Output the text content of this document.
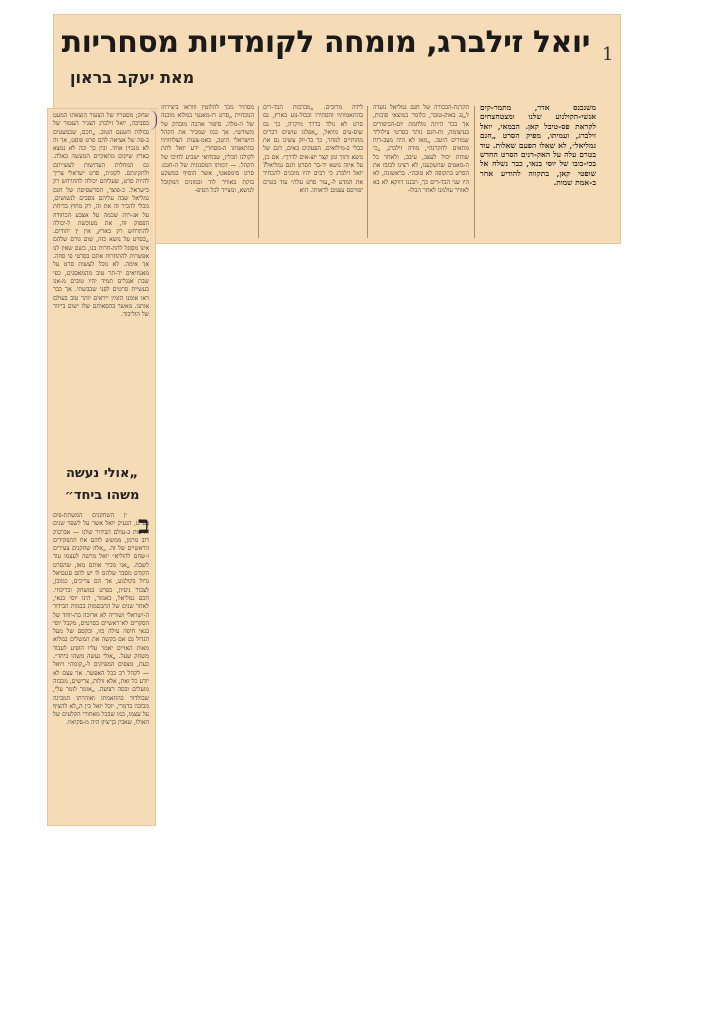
יואל זילברג, מומחה לקומדיות מסחריות
מאת יעקב בראון
1
משנכנס אדר, מתמר-קים אנשי-הקולנוע שלנו ומצטחצחים לקראת פס-טיבל קאן. הבמאי, יואל זילברג, ועמיתו, מפיק הסרט „חגם גמליאל״, לא שאלו הפעם שאלות. עוד בטרם עלה על האק-רנים הסרט החדש בכי-כובו של יוסי בנאי, כבר נשלח אל שופטי קאן, בתקווה להודיע אחר ב-אמת שמות.
הקרנת-הבכורה של חגם גמליאל נועדה ל„גג באוק-טובר, כלומר במוצאי סוכות, אך בכר היתה מלחמת יום-הכיפורים בעיצומה, ות-חגם נותר בסרטי צילוליד שמורים היטב. „מאז לא היה מצב-רוח מתאים להקרנה״, מודה זילברג, „כי שוחת יכול לעצב, עיבב, ולאחר כל ה-מאפים שהשקענו, לא רצינו לבזבז את הסרט בתקופה לא טובה״. בראשונה, לא היו שני הבד-רים כך, תכננו דווקא לא בא לאוויר עולמנו לאחר הבלו-
לידה מרובים. „מבדבות הבד-רים בהתאמותיו והסתירו ובכול-נוע בארץ, גם סרט לא נולד בדרך מיקרה, כך גם שוס-עים מיואל, „אפלנו עושים דברים מהותיים למהר, כך בד-יוק עשינו גם את בבלי ב-מילואים. הפעקים באים, דגם של נושא ותוך זמן קצר יוצ-אים לדרך״. אם כן, על איזה נושא יד-בר הסרט חגם גמליאל? יואל זילברג כי רבים יהיו מוכנים להכחיד את המדע ל-„עור סרט עלה״ עוד בטרם יפורסם עצמם לראותו. הוא
מסתיר מכך להלוטין וזוראו ביצירתו הנוכחית „סרט רו-מאנטי במלוא מובנה של ה-מלה. סיפור אהבה מובהק של משודש״. אך כמו שמכיר את הקהל הישראלי היטב, באמ-צעות הצלחותיו בהתאמתו ה-מסחרי, ידע יואל לתת לקולנו תבלין, שבודואי ישביע לחיכו של הקהל. — דמותו המסנוגית של ה-חגם: סרט סימפאטי, אשר הוסיף במשקע בזקת באוויר לוד ובמזנים המקובל לנושא, ומצייד לכל הסיפ-
שחק; מסטריו של הצעור הוצאתו המעט בסביבה, יואל זילברג הצגיר העטור של גבולות השעם הטוב. „חכם, שכמעטים ב-פה של אציאה להם סרט פוסט, אך זה לא מנכוין אותי. ובין כך וכה לא נמצא בארץ שיקום מתאקיים המעשה באלה. גם המחלות העדושות לעשייתם ולתקינתם. לקוגית, סרט ישראלי צריך להיות סרט, שעליהם יכולה להתרחש רק בישראל. כ-פוצר, הסרשפיסה של חגם גמליאל שבה עליהם נוסבים לנשושים, מכלי להכיר זה את זה, רק מחוץ בדיחת על אג-רות שכמה על אצבע הכחודה הפסוק זה, את מעוכשת ל-יכולה להתרחש רק בארץ, אין ין יהודים. „בסרט על נושא כזה, שום גורם שלהם אינו מסוגל להת-חרות בנו, כשם שאין לנו אפשרות להתחרות אתם בסרטי פי סחה. אך אימה. לא נוכל לעשות סרט על מאגוזיאים יד-תר טוב מהמאסגים, כפי שבת אנגלים תמיד יהיו טובים מ-אנו בעשיית סרטים לפני שכבשתי. אך כבר ראו אומנו הזמין ייראים יותר טוב בעולם אותנו. מאשר בהסאותם שלו ישום בייזור של הוליבוד.
„אולי נעשה
משהו ביחד״
ב
ין השחקנים המשתת-פים בסרט, הגעיק יואל אשר על לשפר שנים חדשות ב-עולם הבידור שלנו — אברבוק דוב מרמן, ממשש לוהם אח התפקידים הראשיים של זה. „אלה שחקנים צעירים ו-שחם להוליא״ יואל מרשה לעצמו עוד לשבח. „אני מכיר אותם מאז, שהסרט הקודם מסבר שלהם לו יש להם סגנסיאל גדול בקולנוע, אך הם צריכים, כמובן, לצבור ניסיון, בפרט במשחק ובריכוזי. חכם גמליאל, כאמור, הינו יוסי בנאי, לאחר שנים של התכסמות בבמות הבידור ה-ישראלי ושוריה לא ארוכה בת-יוחד של הסקרים לא־ראשיים בסרטים, מקבל יוסי בנאי חיפה עילה כזו, ובקסם של מעל הגדול גם אם בקשה את המשלים במלוא מאות האויים יאמר עליו הופיע לעבוד משחק שעל. „אולי נעשה משהו ביחד״. כעת, מצפים המפיקים ל-„קומה״ ויואל — לקהל רב ככל האפשר. אך עצם לא יודע כל זאת, אלא זולות, צרישים, מכבזה מועלים ובסה רצועה. „אומר לומר עלי, שבולדור בהתאמתו ואוהרתו המבינה מכובה בדמרי, יוכל יואל בין ה„לא להציף על עצמו, כמו שבכל מאחורי הקלעים של האולו, שאבין בן־ציון היה מ-סקיאיו.
